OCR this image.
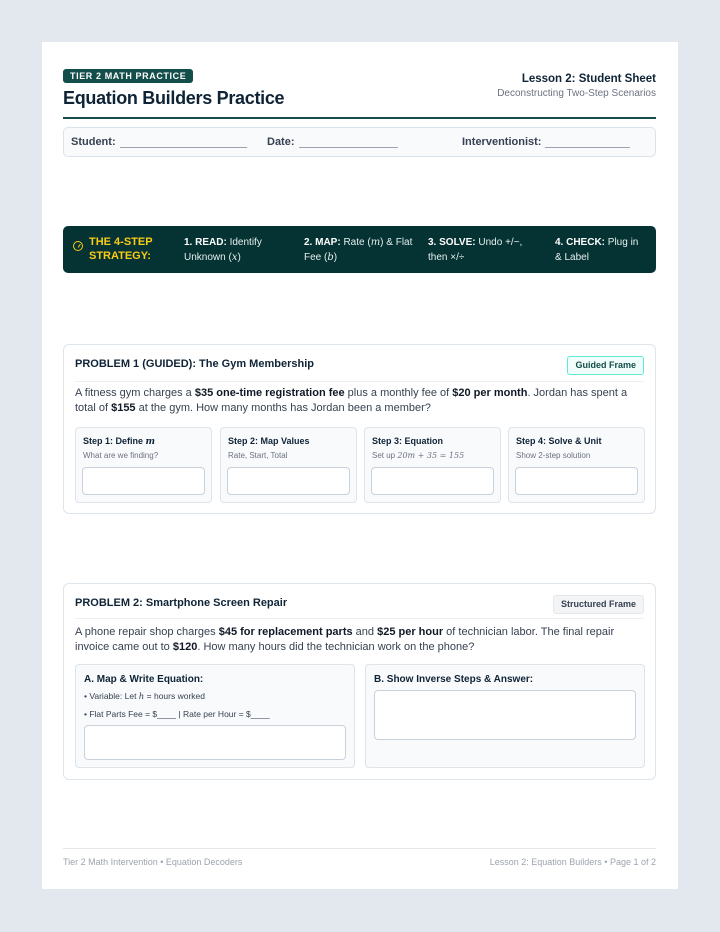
TIER 2 MATH PRACTICE
Equation Builders Practice
Lesson 2: Student Sheet
Deconstructing Two-Step Scenarios
Student:	Date:	Interventionist:
THE 4-STEP STRATEGY:
1. READ: Identify
Unknown (x)
2. MAP: Rate (m) & Flat
Fee (b)
3. SOLVE: Undo +/−,
then ×/÷
4. CHECK: Plug in
& Label
PROBLEM 1 (GUIDED): The Gym Membership	Guided Frame
A fitness gym charges a $35 one-time registration fee plus a monthly fee of $20 per month. Jordan has spent a total of $155 at the gym. How many months has Jordan been a member?
Step 1: Define m
What are we finding?
Step 2: Map Values
Rate, Start, Total
Step 3: Equation
Set up 20m + 35 = 155
Step 4: Solve & Unit
Show 2-step solution
PROBLEM 2: Smartphone Screen Repair	Structured Frame
A phone repair shop charges $45 for replacement parts and $25 per hour of technician labor. The final repair invoice came out to $120. How many hours did the technician work on the phone?
A. Map & Write Equation:
• Variable: Let h = hours worked
• Flat Parts Fee = $____ | Rate per Hour = $____
B. Show Inverse Steps & Answer:
Tier 2 Math Intervention • Equation Decoders	Lesson 2: Equation Builders • Page 1 of 2
